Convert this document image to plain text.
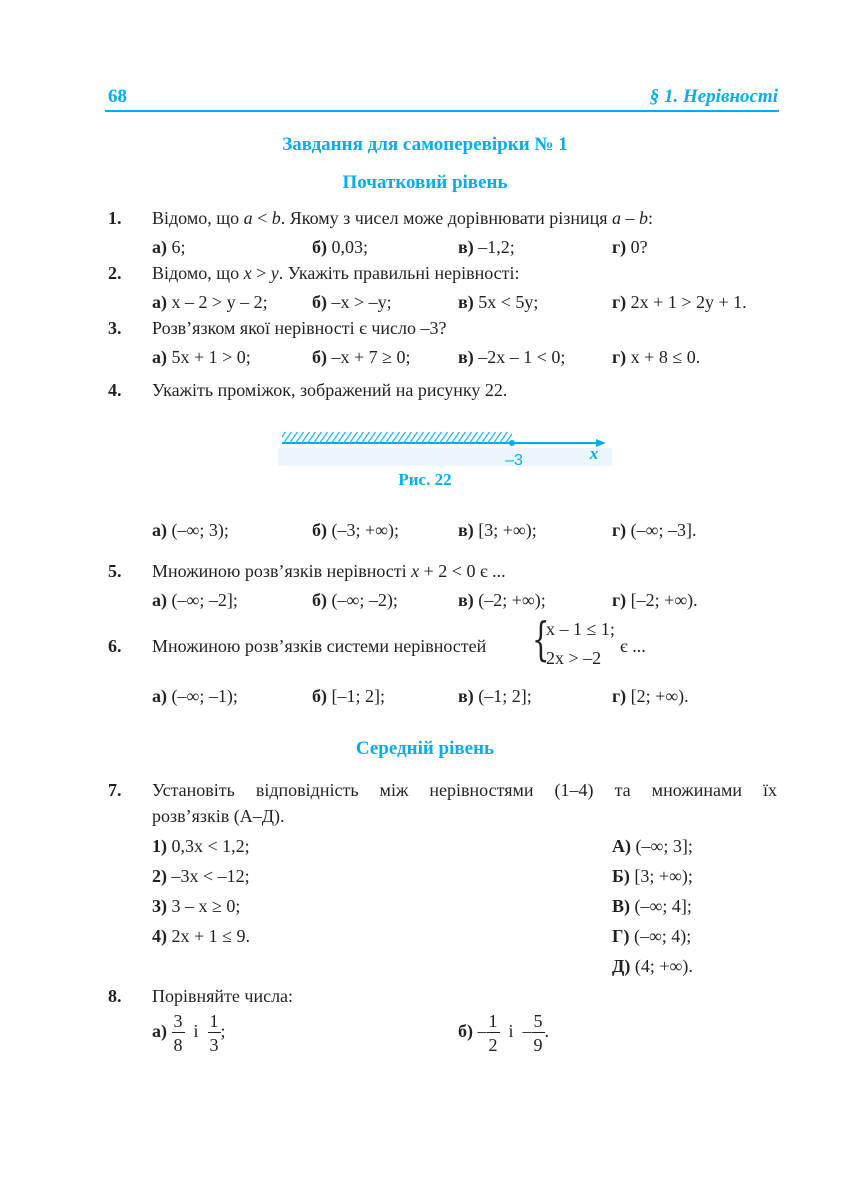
68	§ 1. Нерівності
Завдання для самоперевірки № 1
Початковий рівень
1. Відомо, що a < b. Якому з чисел може дорівнювати різниця a – b:
а) 6;	б) 0,03;	в) –1,2;	г) 0?
2. Відомо, що x > y. Укажіть правильні нерівності:
а) x – 2 > y – 2; б) –x > –y;	в) 5x < 5y;	г) 2x + 1 > 2y + 1.
3. Розв’язком якої нерівності є число –3?
а) 5x + 1 > 0;	б) –x + 7 ≥ 0;	в) –2x – 1 < 0;	г) x + 8 ≤ 0.
4. Укажіть проміжок, зображений на рисунку 22.
–3	x
Рис. 22
а) (–∞; 3);	б) (–3; +∞);	в) [3; +∞);	г) (–∞; –3].
5. Множиною розв’язків нерівності x + 2 < 0 є ...
а) (–∞; –2];	б) (–∞; –2);	в) (–2; +∞);	г) [–2; +∞).
6. Множиною розв’язків системи нерівностей {
x – 1 ≤ 1;
2x > –2
є ...
а) (–∞; –1);	б) [–1; 2];	в) (–1; 2];	г) [2; +∞).
Середній рівень
7. Установіть відповідність між нерівностями (1–4) та множинами їх
розв’язків (А–Д).
1) 0,3x < 1,2;
2) –3x < –12;
3) 3 – x ≥ 0;
4) 2x + 1 ≤ 9.
А) (–∞; 3];
Б) [3; +∞);
В) (–∞; 4];
Г) (–∞; 4);
Д) (4; +∞).
8. Порівняйте числа:
$а) \frac{3}{8}$ і $\frac{1}{3}$ ;	$б) - \frac{1}{2}$ і – $\frac{5}{9}$ .
